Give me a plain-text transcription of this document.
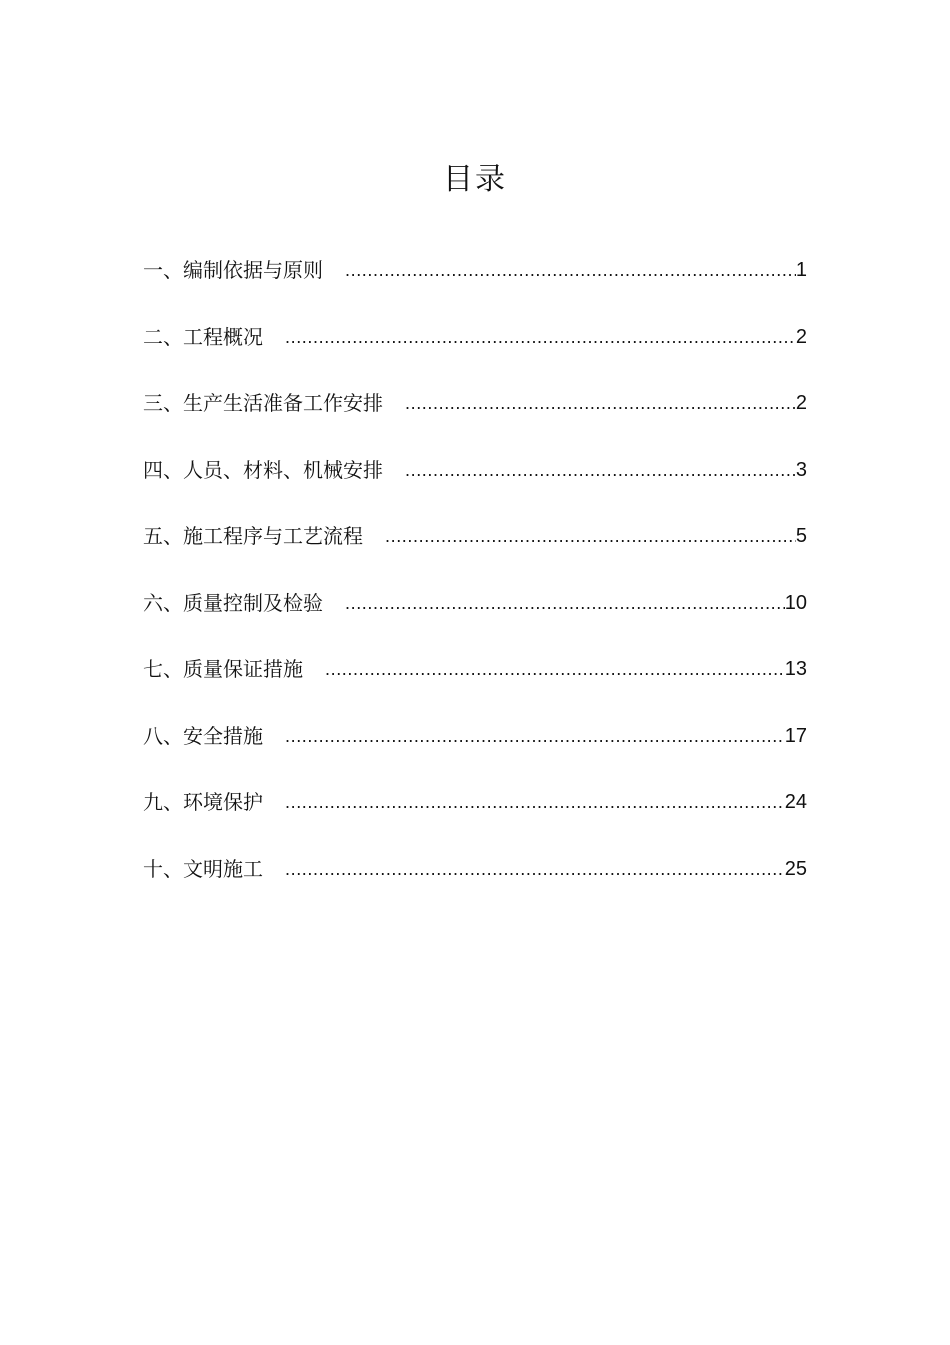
目录
一、编制依据与原则 .....	1
二、工程概况 .....	2
三、生产生活准备工作安排 .....	2
四、人员、材料、机械安排 .....	3
五、施工程序与工艺流程 .....	5
六、质量控制及检验 .....	10
七、质量保证措施 .....	13
八、安全措施 .....	17
九、环境保护 .....	24
十、文明施工 .....	25
